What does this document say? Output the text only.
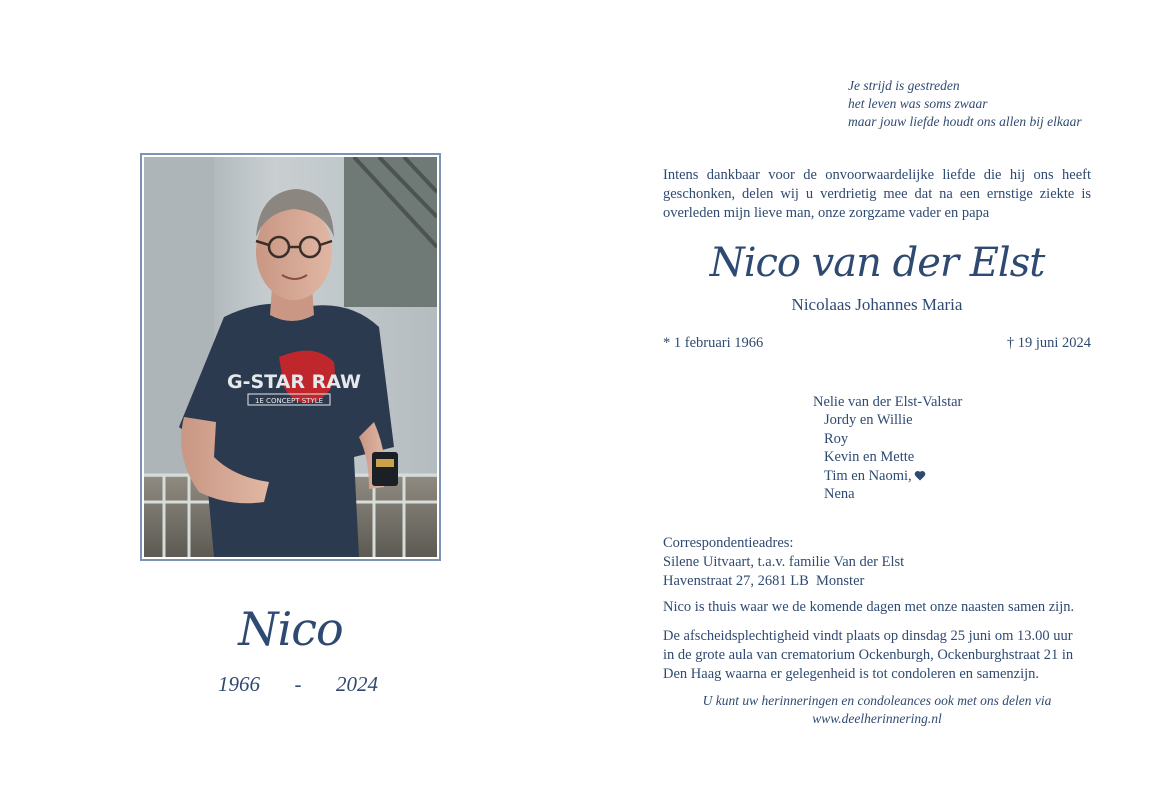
G-STAR RAW
1E CONCEPT STYLE
Nico
1966 - 2024
Je strijd is gestreden
het leven was soms zwaar
maar jouw liefde houdt ons allen bij elkaar
Intens dankbaar voor de onvoorwaardelijke liefde die hij ons heeft
geschonken, delen wij u verdrietig mee dat na een ernstige ziekte is
overleden mijn lieve man, onze zorgzame vader en papa
Nico van der Elst
Nicolaas Johannes Maria
* 1 februari 1966	† 19 juni 2024
Nelie van der Elst-Valstar
Jordy en Willie
Roy
Kevin en Mette
Tim en Naomi,
Nena
Correspondentieadres:
Silene Uitvaart, t.a.v. familie Van der Elst
Havenstraat 27, 2681 LB  Monster
Nico is thuis waar we de komende dagen met onze naasten samen zijn.
De afscheidsplechtigheid vindt plaats op dinsdag 25 juni om 13.00 uur
in de grote aula van crematorium Ockenburgh, Ockenburghstraat 21 in
Den Haag waarna er gelegenheid is tot condoleren en samenzijn.
U kunt uw herinneringen en condoleances ook met ons delen via
www.deelherinnering.nl
